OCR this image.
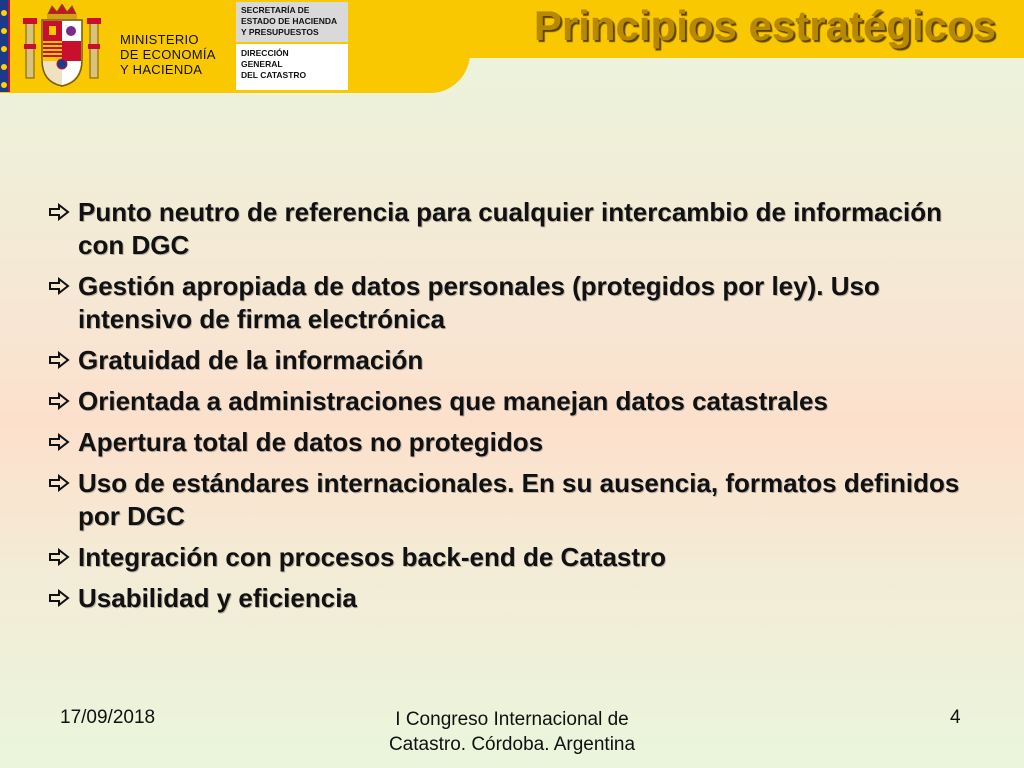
MINISTERIO
DE ECONOMÍA
Y HACIENDA
SECRETARÍA DE
ESTADO DE HACIENDA
Y PRESUPUESTOS
DIRECCIÓN
GENERAL
DEL CATASTRO
Principios estratégicos
Punto neutro de referencia para cualquier intercambio de información con DGC
Gestión apropiada de datos personales (protegidos por ley). Uso intensivo de firma electrónica
Gratuidad de la información
Orientada a administraciones que manejan datos catastrales
Apertura total de datos no protegidos
Uso de estándares internacionales. En su ausencia, formatos definidos por DGC
Integración con procesos back-end de Catastro
Usabilidad y eficiencia
17/09/2018	I Congreso Internacional de
Catastro. Córdoba. Argentina
4
